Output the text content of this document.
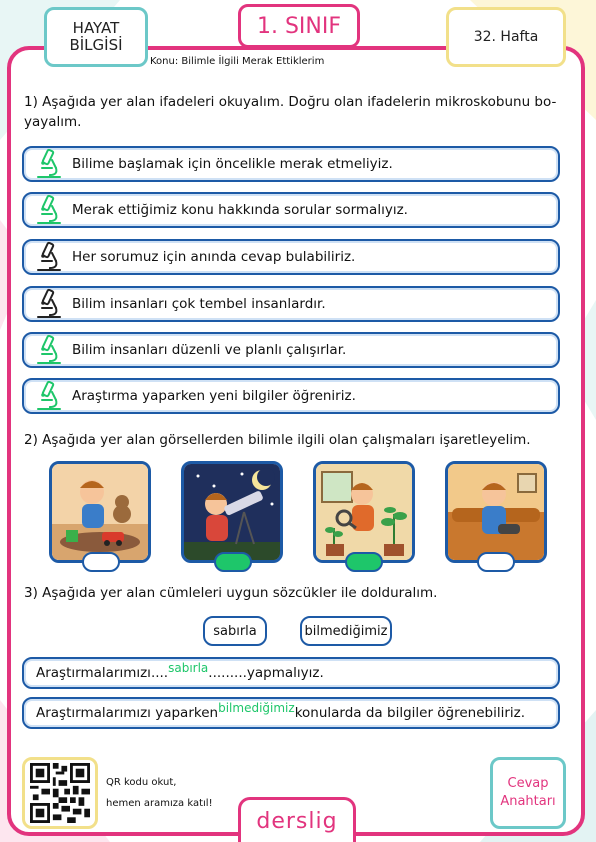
HAYAT
BİLGİSİ
1. SINIF	32. Hafta
Konu: Bilimle İlgili Merak Ettiklerim
1) Aşağıda yer alan ifadeleri okuyalım. Doğru olan ifadelerin mikroskobunu bo-
yayalım.
Bilime başlamak için öncelikle merak etmeliyiz.
Merak ettiğimiz konu hakkında sorular sormalıyız.
Her sorumuz için anında cevap bulabiliriz.
Bilim insanları çok tembel insanlardır.
Bilim insanları düzenli ve planlı çalışırlar.
Araştırma yaparken yeni bilgiler öğreniriz.
2) Aşağıda yer alan görsellerden bilimle ilgili olan çalışmaları işaretleyelim.
3) Aşağıda yer alan cümleleri uygun sözcükler ile dolduralım.
sabırla	bilmediğimiz
Araştırmalarımızı .... sabırla ......... yapmalıyız.
Araştırmalarımızı yaparken bilmediğimiz konularda da bilgiler öğrenebiliriz.
QR kodu okut,
hemen aramıza katıl!
derslig
Cevap
Anahtarı
